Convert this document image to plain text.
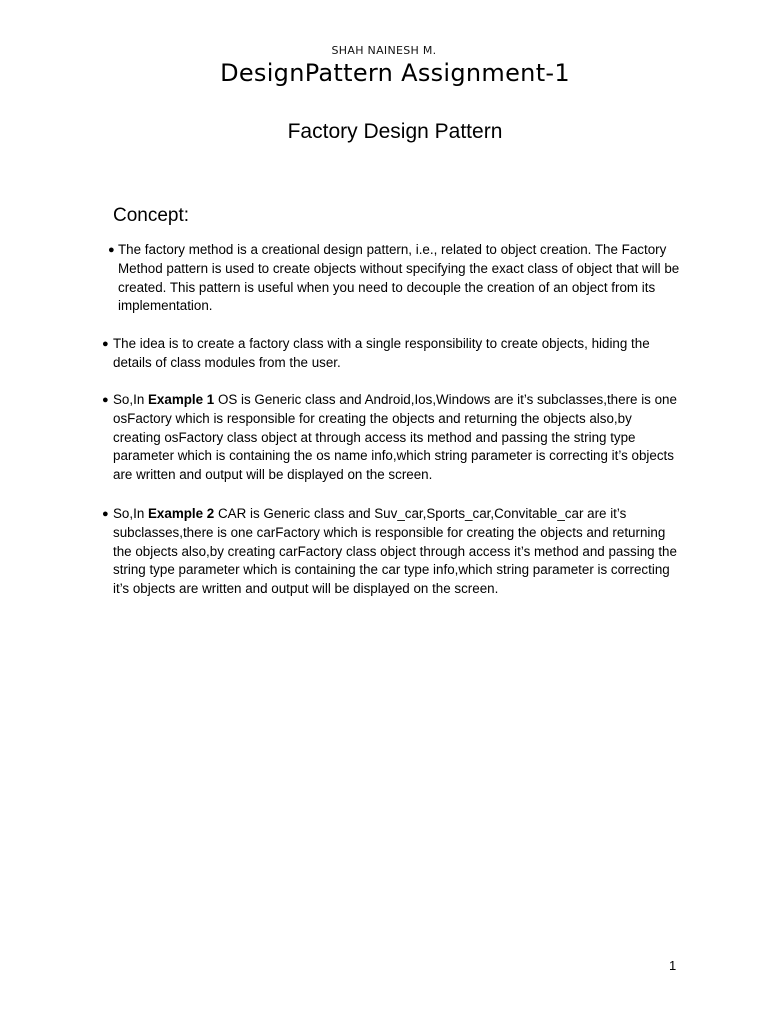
SHAH NAINESH M.
DesignPattern Assignment-1
Factory Design Pattern
Concept:
● The factory method is a creational design pattern, i.e., related to object creation. The Factory Method pattern is used to create objects without specifying the exact class of object that will be created. This pattern is useful when you need to decouple the creation of an object from its implementation.
● The idea is to create a factory class with a single responsibility to create objects, hiding the details of class modules from the user.
● So,In Example 1 OS is Generic class and Android,Ios,Windows are it’s subclasses,there is one osFactory which is responsible for creating the objects and returning the objects also,by creating osFactory class object at through access its method and passing the string type parameter which is containing the os name info,which string parameter is correcting it’s objects are written and output will be displayed on the screen.
● So,In Example 2 CAR is Generic class and Suv_car,Sports_car,Convitable_car are it’s subclasses,there is one carFactory which is responsible for creating the objects and returning the objects also,by creating carFactory class object through access it’s method and passing the string type parameter which is containing the car type info,which string parameter is correcting it’s objects are written and output will be displayed on the screen.
1
